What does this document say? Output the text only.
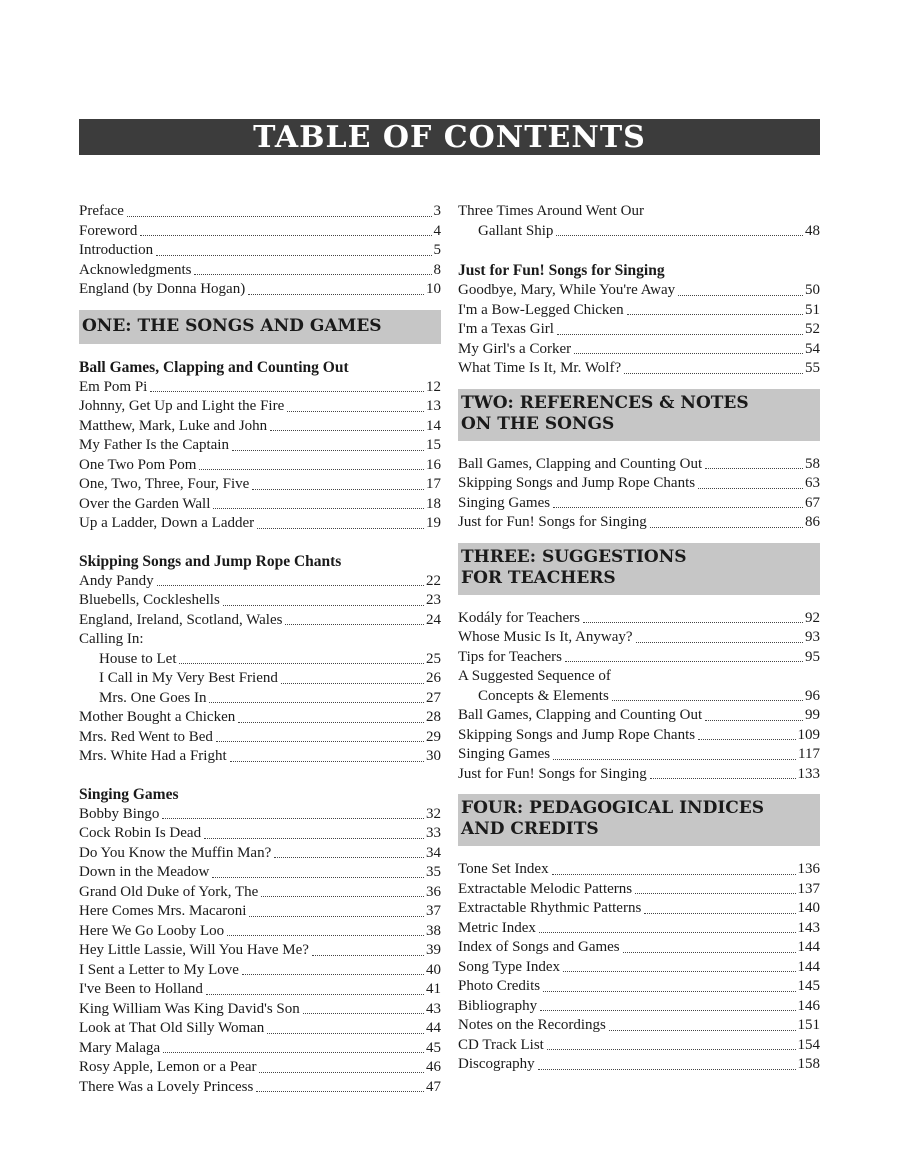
TABLE OF CONTENTS
Preface	3
Foreword	4
Introduction	5
Acknowledgments	8
England (by Donna Hogan)	10
ONE: THE SONGS AND GAMES
Ball Games, Clapping and Counting Out
Em Pom Pi	12
Johnny, Get Up and Light the Fire	13
Matthew, Mark, Luke and John	14
My Father Is the Captain	15
One Two Pom Pom	16
One, Two, Three, Four, Five	17
Over the Garden Wall	18
Up a Ladder, Down a Ladder	19
Skipping Songs and Jump Rope Chants
Andy Pandy	22
Bluebells, Cockleshells	23
England, Ireland, Scotland, Wales	24
Calling In:
House to Let	25
I Call in My Very Best Friend	26
Mrs. One Goes In	27
Mother Bought a Chicken	28
Mrs. Red Went to Bed	29
Mrs. White Had a Fright	30
Singing Games
Bobby Bingo	32
Cock Robin Is Dead	33
Do You Know the Muffin Man?	34
Down in the Meadow	35
Grand Old Duke of York, The	36
Here Comes Mrs. Macaroni	37
Here We Go Looby Loo	38
Hey Little Lassie, Will You Have Me?	39
I Sent a Letter to My Love	40
I've Been to Holland	41
King William Was King David's Son	43
Look at That Old Silly Woman	44
Mary Malaga	45
Rosy Apple, Lemon or a Pear	46
There Was a Lovely Princess	47
Three Times Around Went Our
Gallant Ship	48
Just for Fun! Songs for Singing
Goodbye, Mary, While You're Away	50
I'm a Bow-Legged Chicken	51
I'm a Texas Girl	52
My Girl's a Corker	54
What Time Is It, Mr. Wolf?	55
TWO: REFERENCES & NOTES
ON THE SONGS
Ball Games, Clapping and Counting Out	58
Skipping Songs and Jump Rope Chants	63
Singing Games	67
Just for Fun! Songs for Singing	86
THREE: SUGGESTIONS
FOR TEACHERS
Kodály for Teachers	92
Whose Music Is It, Anyway?	93
Tips for Teachers	95
A Suggested Sequence of
Concepts & Elements	96
Ball Games, Clapping and Counting Out	99
Skipping Songs and Jump Rope Chants	109
Singing Games	117
Just for Fun! Songs for Singing	133
FOUR: PEDAGOGICAL INDICES
AND CREDITS
Tone Set Index	136
Extractable Melodic Patterns	137
Extractable Rhythmic Patterns	140
Metric Index	143
Index of Songs and Games	144
Song Type Index	144
Photo Credits	145
Bibliography	146
Notes on the Recordings	151
CD Track List	154
Discography	158
